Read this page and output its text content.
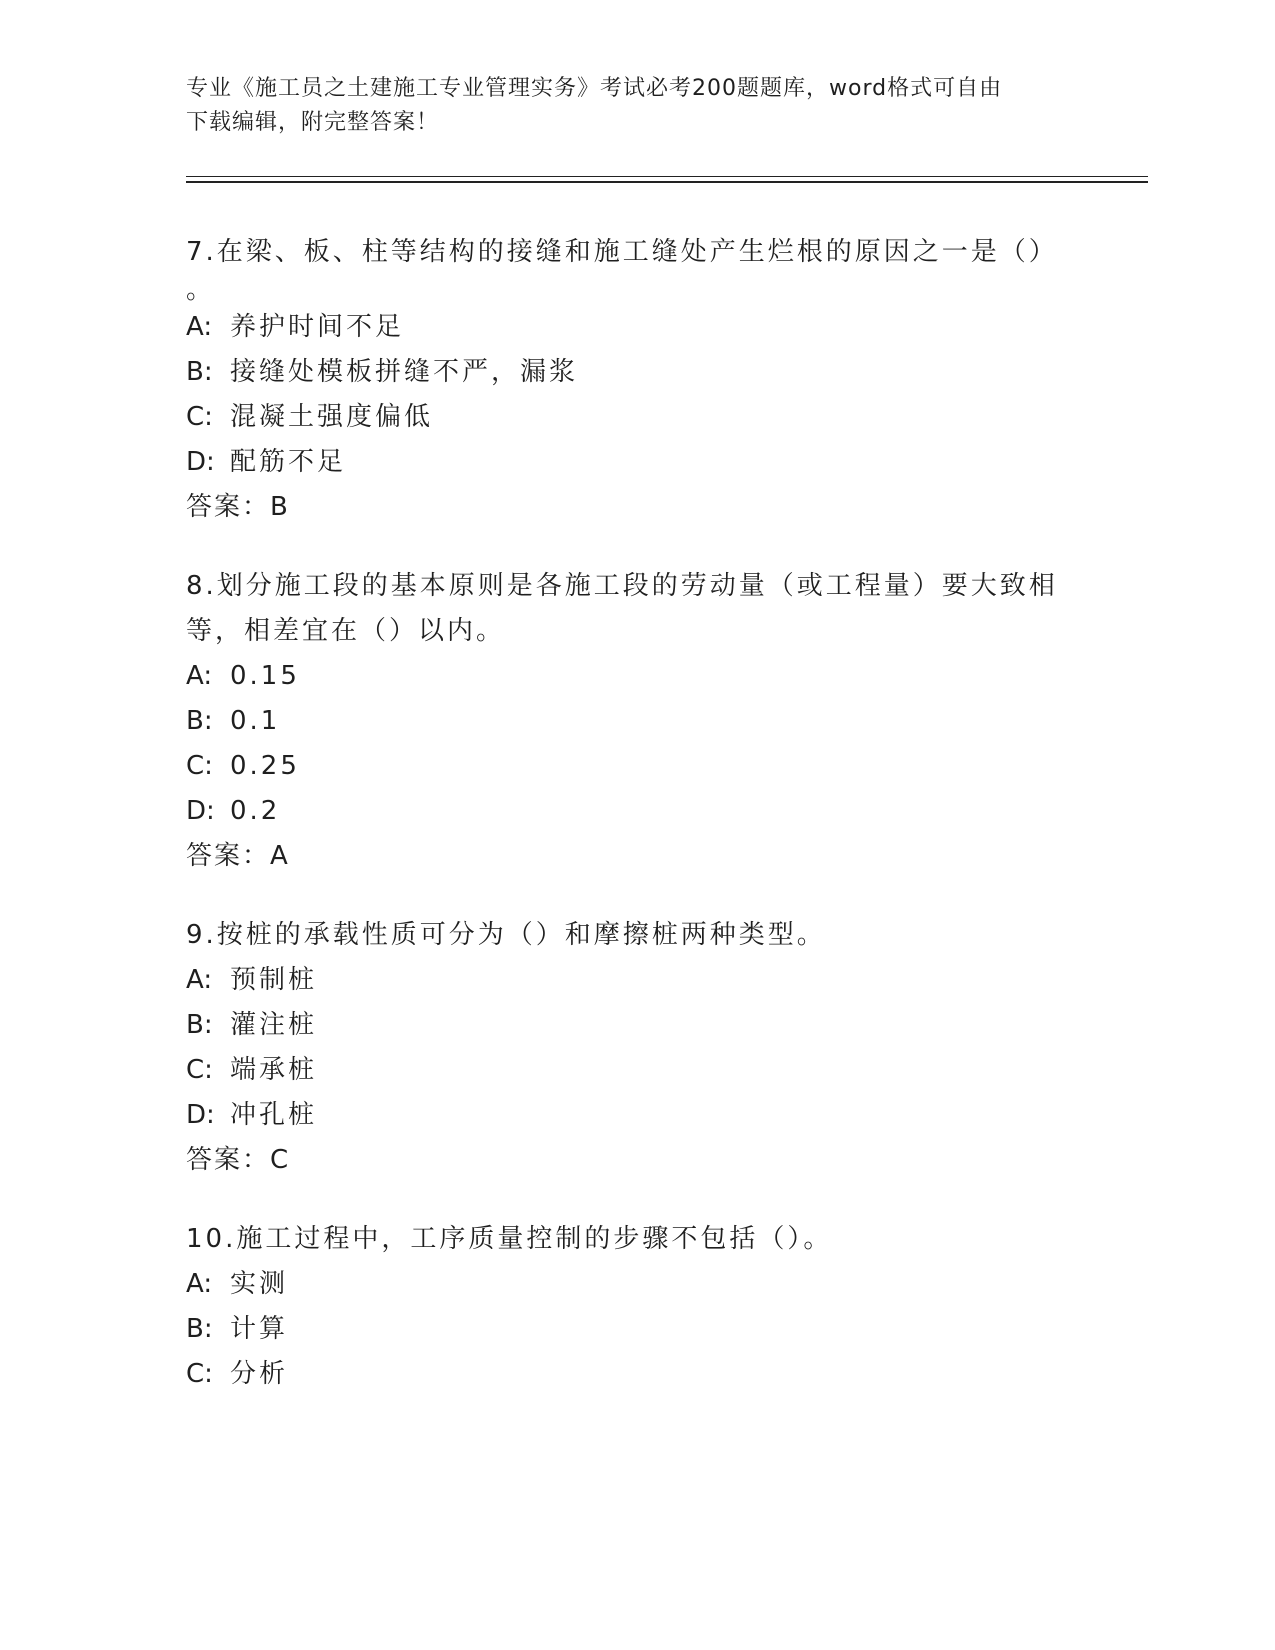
专业《施工员之土建施工专业管理实务》考试必考200题题库，word格式可自由
下载编辑，附完整答案！

7.在梁、板、柱等结构的接缝和施工缝处产生烂根的原因之一是（）

。
A: 养护时间不足
B: 接缝处模板拼缝不严，漏浆
C: 混凝土强度偏低
D: 配筋不足
答案：B

8.划分施工段的基本原则是各施工段的劳动量（或工程量）要大致相等，相差宜在（）以内。

A: 0.15
B: 0.1
C: 0.25
D: 0.2
答案：A

9.按桩的承载性质可分为（）和摩擦桩两种类型。

A: 预制桩
B: 灌注桩
C: 端承桩
D: 冲孔桩
答案：C

10.施工过程中，工序质量控制的步骤不包括（）。

A: 实测
B: 计算
C: 分析
